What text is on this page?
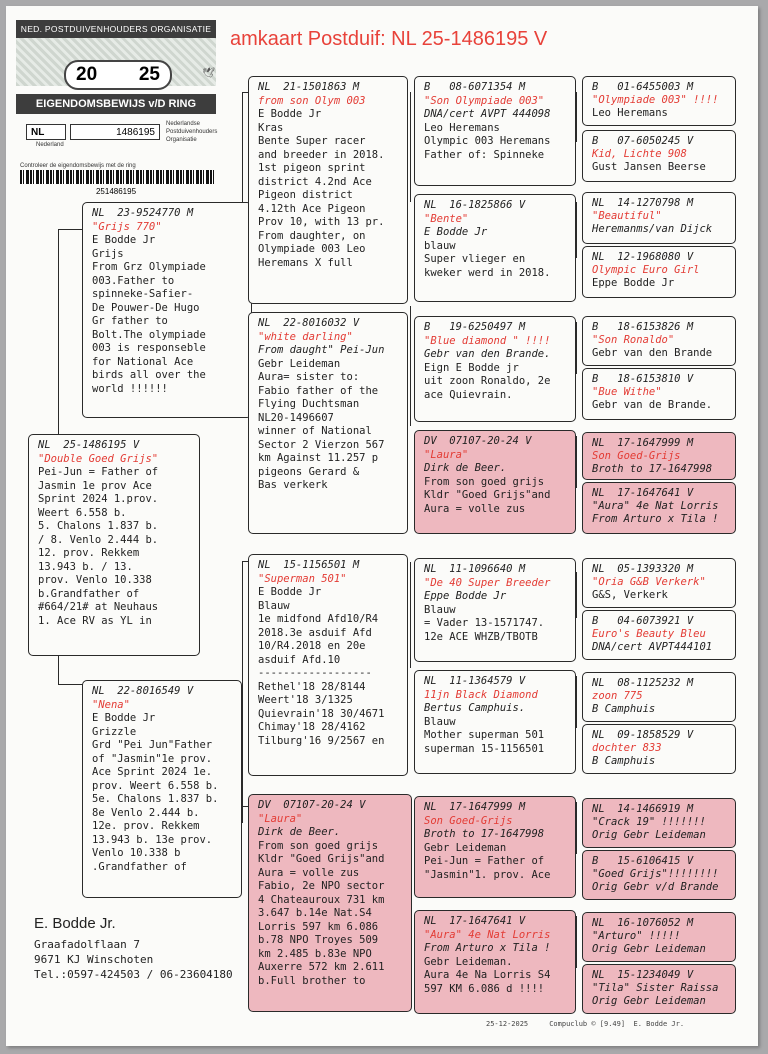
amkaart Postduif: NL 25-1486195 V
NED. POSTDUIVENHOUDERS ORGANISATIE
20 25	🕊
EIGENDOMSBEWIJS v/D RING
NL	1486195
Nederlandse
Postduivenhouders
Organisatie
Nederland
Controleer de eigendomsbewijs met de ring
251486195
NL  23-9524770 M
"Grijs 770"
E Bodde Jr
Grijs
From Grz Olympiade
003.Father to
spinneke-Safier-
De Pouwer-De Hugo
Gr father to
Bolt.The olympiade
003 is responseble
for National Ace
birds all over the
world !!!!!!
NL  25-1486195 V
"Double Goed Grijs"
Pei-Jun = Father of
Jasmin 1e prov Ace
Sprint 2024 1.prov.
Weert 6.558 b.
5. Chalons 1.837 b.
/ 8. Venlo 2.444 b.
12. prov. Rekkem
13.943 b. / 13.
prov. Venlo 10.338
b.Grandfather of
#664/21# at Neuhaus
1. Ace RV as YL in
NL  22-8016549 V
"Nena"
E Bodde Jr
Grizzle
Grd "Pei Jun"Father
of "Jasmin"1e prov.
Ace Sprint 2024 1e.
prov. Weert 6.558 b.
5e. Chalons 1.837 b.
8e Venlo 2.444 b.
12e. prov. Rekkem
13.943 b. 13e prov.
Venlo 10.338 b
.Grandfather of
NL  21-1501863 M
from son Olym 003
E Bodde Jr
Kras
Bente Super racer
and breeder in 2018.
1st pigeon sprint
district 4.2nd Ace
Pigeon district
4.12th Ace Pigeon
Prov 10, with 13 pr.
From daughter, on
Olympiade 003 Leo
Heremans X full
NL  22-8016032 V
"white darling"
From daught" Pei-Jun
Gebr Leideman
Aura= sister to:
Fabio father of the
Flying Duchtsman
NL20-1496607
winner of National
Sector 2 Vierzon 567
km Against 11.257 p
pigeons Gerard &
Bas verkerk
NL  15-1156501 M
"Superman 501"
E Bodde Jr
Blauw
1e midfond Afd10/R4
2018.3e asduif Afd
10/R4.2018 en 20e
asduif Afd.10
------------------
Rethel'18 28/8144
Weert'18 3/1325
Quievrain'18 30/4671
Chimay'18 28/4162
Tilburg'16 9/2567 en
DV  07107-20-24 V
"Laura"
Dirk de Beer.
From son goed grijs
Kldr "Goed Grijs"and
Aura = volle zus
Fabio, 2e NPO sector
4 Chateauroux 731 km
3.647 b.14e Nat.S4
Lorris 597 km 6.086
b.78 NPO Troyes 509
km 2.485 b.83e NPO
Auxerre 572 km 2.611
b.Full brother to
B   08-6071354 M
"Son Olympiade 003"
DNA/cert AVPT 444098
Leo Heremans
Olympic 003 Heremans
Father of: Spinneke
NL  16-1825866 V
"Bente"
E Bodde Jr
blauw
Super vlieger en
kweker werd in 2018.
B   19-6250497 M
"Blue diamond " !!!!
Gebr van den Brande.
Eign E Bodde jr
uit zoon Ronaldo, 2e
ace Quievrain.
DV  07107-20-24 V
"Laura"
Dirk de Beer.
From son goed grijs
Kldr "Goed Grijs"and
Aura = volle zus
NL  11-1096640 M
"De 40 Super Breeder
Eppe Bodde Jr
Blauw
= Vader 13-1571747.
12e ACE WHZB/TBOTB
NL  11-1364579 V
11jn Black Diamond
Bertus Camphuis.
Blauw
Mother superman 501
superman 15-1156501
NL  17-1647999 M
Son Goed-Grijs
Broth to 17-1647998
Gebr Leideman
Pei-Jun = Father of
"Jasmin"1. prov. Ace
NL  17-1647641 V
"Aura" 4e Nat Lorris
From Arturo x Tila !
Gebr Leideman.
Aura 4e Na Lorris S4
597 KM 6.086 d !!!!
B   01-6455003 M
"Olympiade 003" !!!!
Leo Heremans
B   07-6050245 V
Kid, Lichte 908
Gust Jansen Beerse
NL  14-1270798 M
"Beautiful"
Heremanms/van Dijck
NL  12-1968080 V
Olympic Euro Girl
Eppe Bodde Jr
B   18-6153826 M
"Son Ronaldo"
Gebr van den Brande
B   18-6153810 V
"Bue Withe"
Gebr van de Brande.
NL  17-1647999 M
Son Goed-Grijs
Broth to 17-1647998
NL  17-1647641 V
"Aura" 4e Nat Lorris
From Arturo x Tila !
NL  05-1393320 M
"Oria G&B Verkerk"
G&S, Verkerk
B   04-6073921 V
Euro's Beauty Bleu
DNA/cert AVPT444101
NL  08-1125232 M
zoon 775
B Camphuis
NL  09-1858529 V
dochter 833
B Camphuis
NL  14-1466919 M
"Crack 19" !!!!!!!
Orig Gebr Leideman
B   15-6106415 V
"Goed Grijs"!!!!!!!!
Orig Gebr v/d Brande
NL  16-1076052 M
"Arturo" !!!!!
Orig Gebr Leideman
NL  15-1234049 V
"Tila" Sister Raissa
Orig Gebr Leideman
E. Bodde Jr.
Graafadolflaan 7
9671 KJ Winschoten
Tel.:0597-424503 / 06-23604180
25-12-2025     Compuclub © [9.49]  E. Bodde Jr.
